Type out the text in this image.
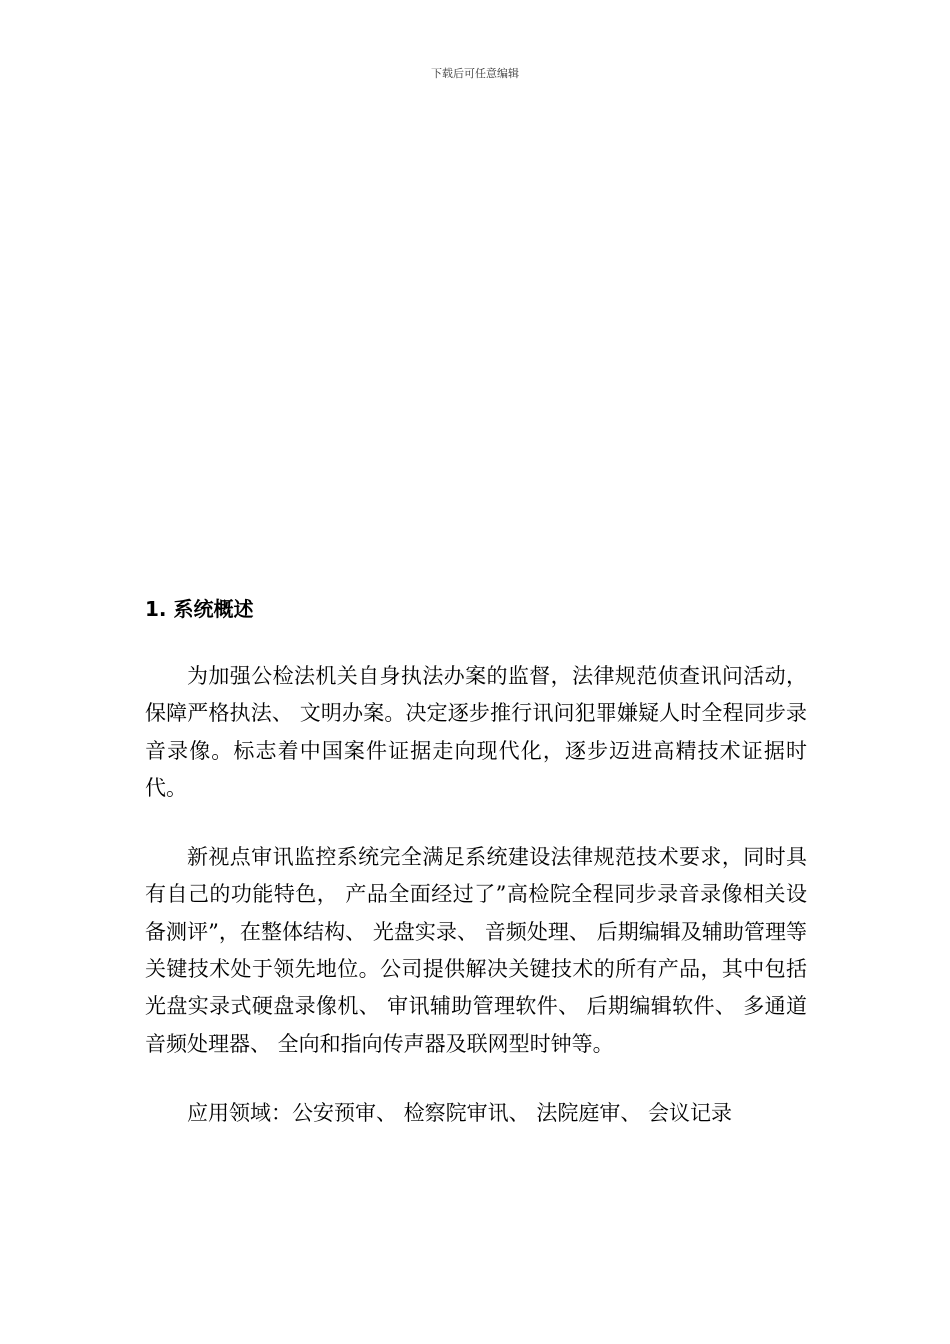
下载后可任意编辑
1. 系统概述

为加强公检法机关自身执法办案的监督，法律规范侦查讯问活动，保障严格执法、 文明办案。决定逐步推行讯问犯罪嫌疑人时全程同步录音录像。标志着中国案件证据走向现代化，逐步迈进高精技术证据时代。

新视点审讯监控系统完全满足系统建设法律规范技术要求，同时具有自己的功能特色， 产品全面经过了”高检院全程同步录音录像相关设备测评”，在整体结构、 光盘实录、 音频处理、 后期编辑及辅助管理等关键技术处于领先地位。公司提供解决关键技术的所有产品，其中包括光盘实录式硬盘录像机、 审讯辅助管理软件、 后期编辑软件、 多通道音频处理器、 全向和指向传声器及联网型时钟等。

应用领域：公安预审、 检察院审讯、 法院庭审、 会议记录
